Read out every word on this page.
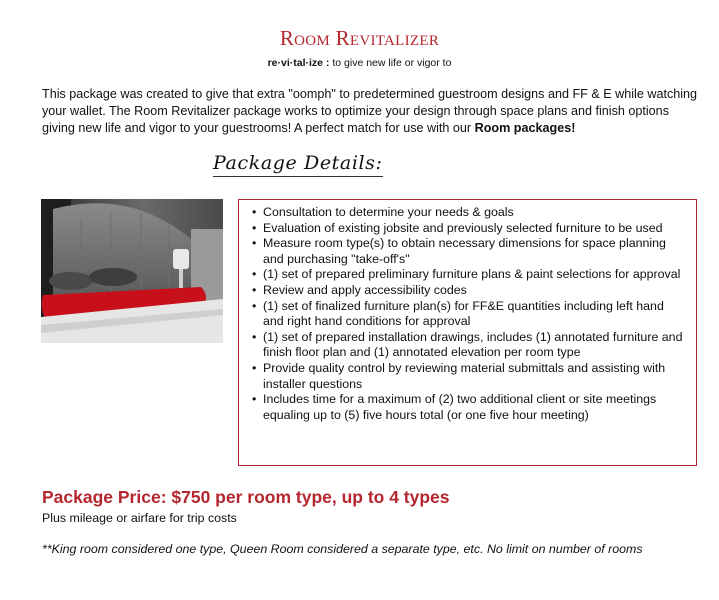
Room Revitalizer
re·vi·tal·ize : to give new life or vigor to
This package was created to give that extra "oomph" to predetermined guestroom designs and FF & E while watching your wallet. The Room Revitalizer package works to optimize your design through space plans and finish options giving new life and vigor to your guestrooms! A perfect match for use with our Room packages!
Package Details:
• Consultation to determine your needs & goals
• Evaluation of existing jobsite and previously selected furniture to be used
• Measure room type(s) to obtain necessary dimensions for space planning and purchasing "take-off's"
• (1) set of prepared preliminary furniture plans & paint selections for approval
• Review and apply accessibility codes
• (1) set of finalized furniture plan(s) for FF&E quantities including left hand and right hand conditions for approval
• (1) set of prepared installation drawings, includes (1) annotated furniture and finish floor plan and (1) annotated elevation per room type
• Provide quality control by reviewing material submittals and assisting with installer questions
• Includes time for a maximum of (2) two additional client or site meetings equaling up to (5) five hours total (or one five hour meeting)
Package Price: $750 per room type, up to 4 types
Plus mileage or airfare for trip costs
**King room considered one type, Queen Room considered a separate type, etc. No limit on number of rooms
